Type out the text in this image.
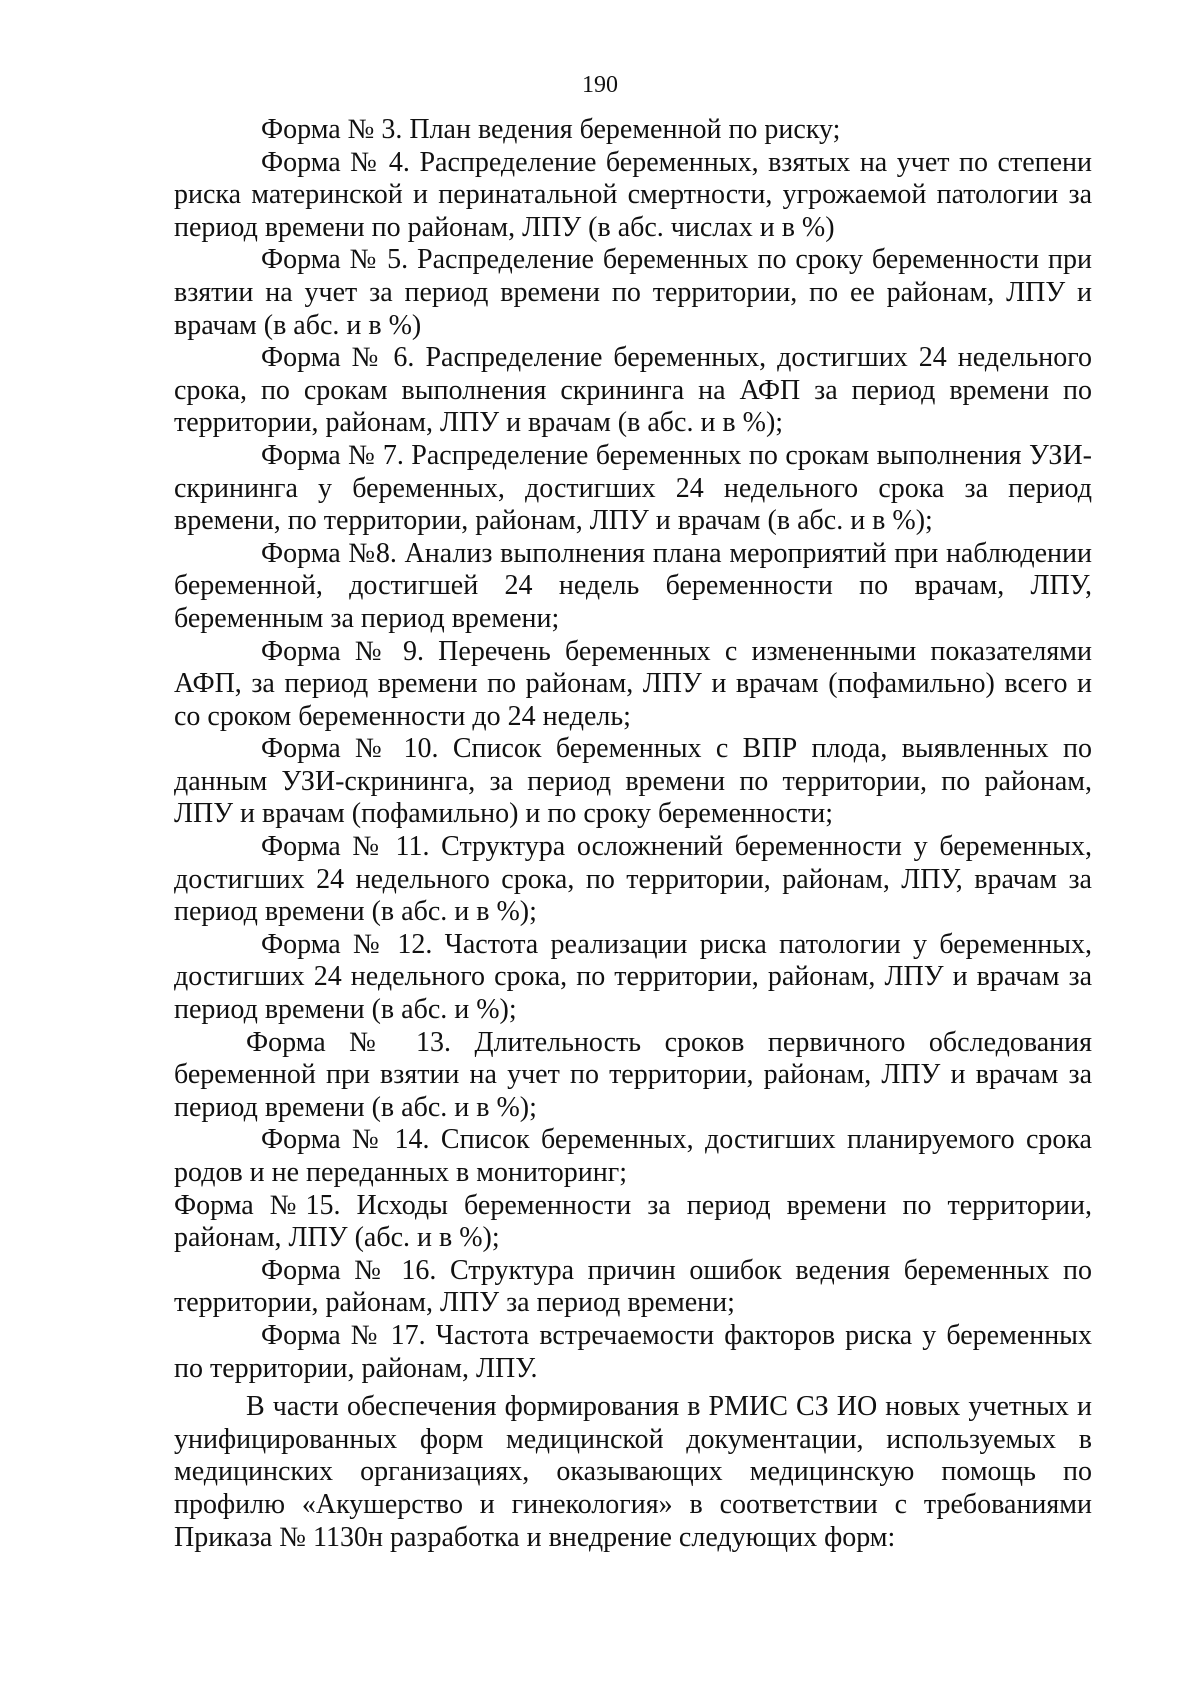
190

Форма № 3. План ведения беременной по риску;

Форма № 4. Распределение беременных, взятых на учет по степени риска материнской и перинатальной смертности, угрожаемой патологии за период времени по районам, ЛПУ (в абс. числах и в %)

Форма № 5. Распределение беременных по сроку беременности при взятии на учет за период времени по территории, по ее районам, ЛПУ и врачам (в абс. и в %)

Форма № 6. Распределение беременных, достигших 24 недельного срока, по срокам выполнения скрининга на АФП за период времени по территории, районам, ЛПУ и врачам (в абс. и в %);

Форма № 7. Распределение беременных по срокам выполнения УЗИ-скрининга у беременных, достигших 24 недельного срока за период времени, по территории, районам, ЛПУ и врачам (в абс. и в %);

Форма №8. Анализ выполнения плана мероприятий при наблюдении беременной, достигшей 24 недель беременности по врачам, ЛПУ, беременным за период времени;

Форма № 9. Перечень беременных с измененными показателями АФП, за период времени по районам, ЛПУ и врачам (пофамильно) всего и со сроком беременности до 24 недель;

Форма № 10. Список беременных с ВПР плода, выявленных по данным УЗИ-скрининга, за период времени по территории, по районам, ЛПУ и врачам (пофамильно) и по сроку беременности;

Форма № 11. Структура осложнений беременности у беременных, достигших 24 недельного срока, по территории, районам, ЛПУ, врачам за период времени (в абс. и в %);

Форма № 12. Частота реализации риска патологии у беременных, достигших 24 недельного срока, по территории, районам, ЛПУ и врачам за период времени (в абс. и %);

Форма № 13. Длительность сроков первичного обследования беременной при взятии на учет по территории, районам, ЛПУ и врачам за период времени (в абс. и в %);

Форма № 14. Список беременных, достигших планируемого срока родов и не переданных в мониторинг;

Форма №15. Исходы беременности за период времени по территории, районам, ЛПУ (абс. и в %);

Форма № 16. Структура причин ошибок ведения беременных по территории, районам, ЛПУ за период времени;

Форма № 17. Частота встречаемости факторов риска у беременных по территории, районам, ЛПУ.

В части обеспечения формирования в РМИС СЗ ИО новых учетных и унифицированных форм медицинской документации, используемых в медицинских организациях, оказывающих медицинскую помощь по профилю «Акушерство и гинекология» в соответствии с требованиями Приказа № 1130н разработка и внедрение следующих форм:
